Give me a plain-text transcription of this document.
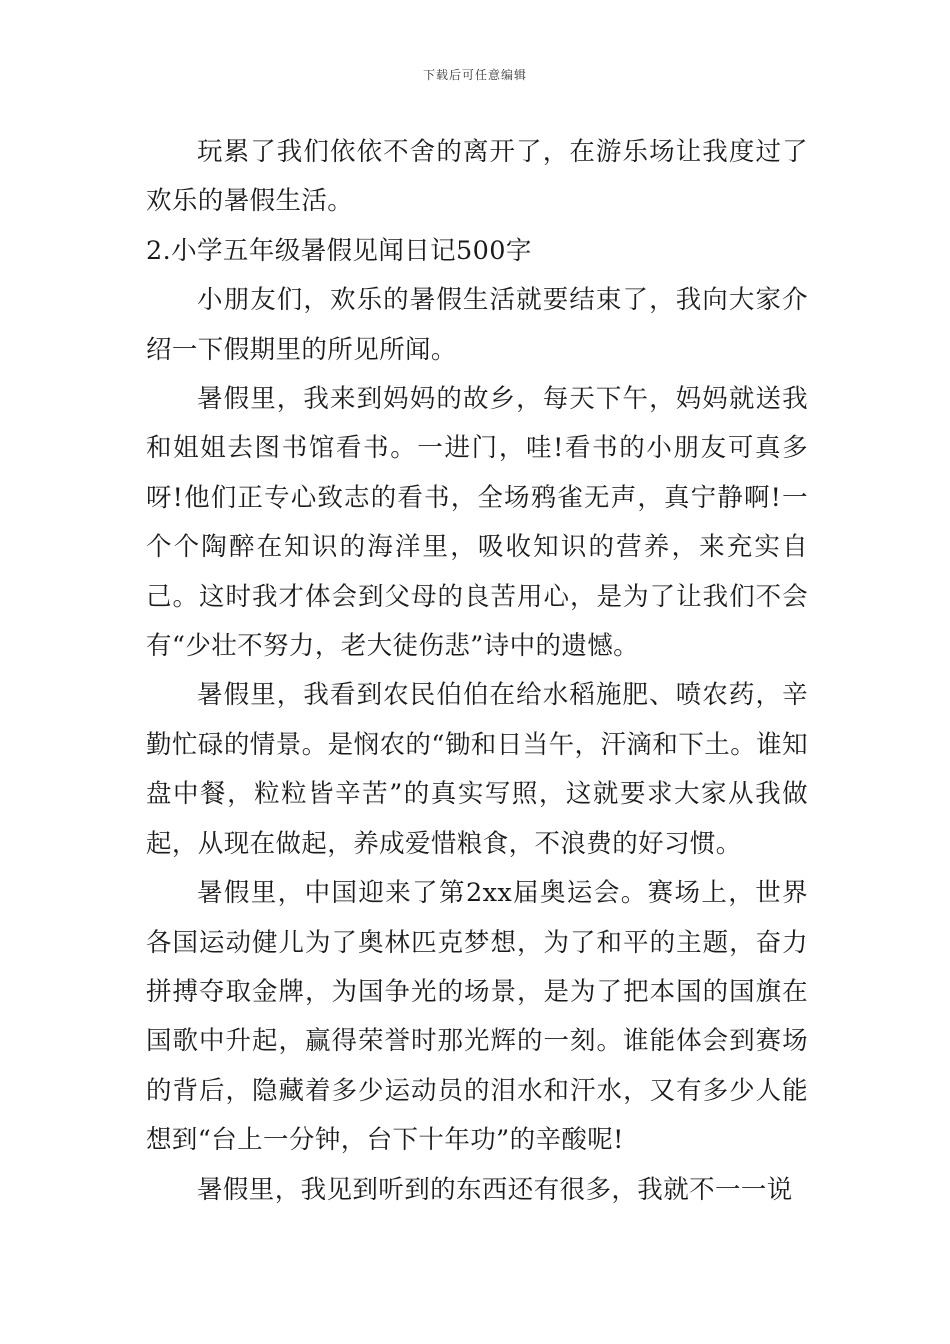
下载后可任意编辑

玩累了我们依依不舍的离开了，在游乐场让我度过了欢乐的暑假生活。

2.小学五年级暑假见闻日记500字

小朋友们，欢乐的暑假生活就要结束了，我向大家介绍一下假期里的所见所闻。

暑假里，我来到妈妈的故乡，每天下午，妈妈就送我和姐姐去图书馆看书。一进门，哇!看书的小朋友可真多呀!他们正专心致志的看书，全场鸦雀无声，真宁静啊!一个个陶醉在知识的海洋里，吸收知识的营养，来充实自己。这时我才体会到父母的良苦用心，是为了让我们不会有“少壮不努力，老大徒伤悲”诗中的遗憾。

暑假里，我看到农民伯伯在给水稻施肥、喷农药，辛勤忙碌的情景。是悯农的“锄和日当午，汗滴和下土。谁知盘中餐，粒粒皆辛苦”的真实写照，这就要求大家从我做起，从现在做起，养成爱惜粮食，不浪费的好习惯。

暑假里，中国迎来了第2xx届奥运会。赛场上，世界各国运动健儿为了奥林匹克梦想，为了和平的主题，奋力拼搏夺取金牌，为国争光的场景，是为了把本国的国旗在国歌中升起，赢得荣誉时那光辉的一刻。谁能体会到赛场的背后，隐藏着多少运动员的泪水和汗水，又有多少人能想到“台上一分钟，台下十年功”的辛酸呢!

暑假里，我见到听到的东西还有很多，我就不一一说
